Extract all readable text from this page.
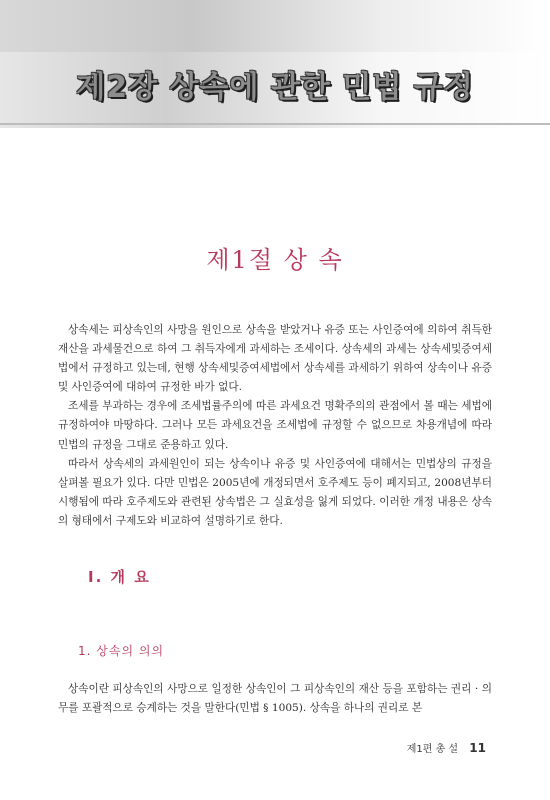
제2장 상속에 관한 민법 규정
제1절 상 속

상속세는 피상속인의 사망을 원인으로 상속을 받았거나 유증 또는 사인증여에 의하여 취득한 재산을 과세물건으로 하여 그 취득자에게 과세하는 조세이다. 상속세의 과세는 상속세및증여세법에서 규정하고 있는데, 현행 상속세및증여세법에서 상속세를 과세하기 위하여 상속이나 유증 및 사인증여에 대하여 규정한 바가 없다.

조세를 부과하는 경우에 조세법률주의에 따른 과세요건 명확주의의 관점에서 볼 때는 세법에 규정하여야 마땅하다. 그러나 모든 과세요건을 조세법에 규정할 수 없으므로 차용개념에 따라 민법의 규정을 그대로 준용하고 있다.

따라서 상속세의 과세원인이 되는 상속이나 유증 및 사인증여에 대해서는 민법상의 규정을 살펴볼 필요가 있다. 다만 민법은 2005년에 개정되면서 호주제도 등이 폐지되고, 2008년부터 시행됨에 따라 호주제도와 관련된 상속법은 그 실효성을 잃게 되었다. 이러한 개정 내용은 상속의 형태에서 구제도와 비교하여 설명하기로 한다.

Ⅰ. 개 요
1. 상속의 의의

상속이란 피상속인의 사망으로 일정한 상속인이 그 피상속인의 재산 등을 포함하는 권리 · 의무를 포괄적으로 승계하는 것을 말한다(민법 § 1005). 상속을 하나의 권리로 본

제1편 총 설 11
